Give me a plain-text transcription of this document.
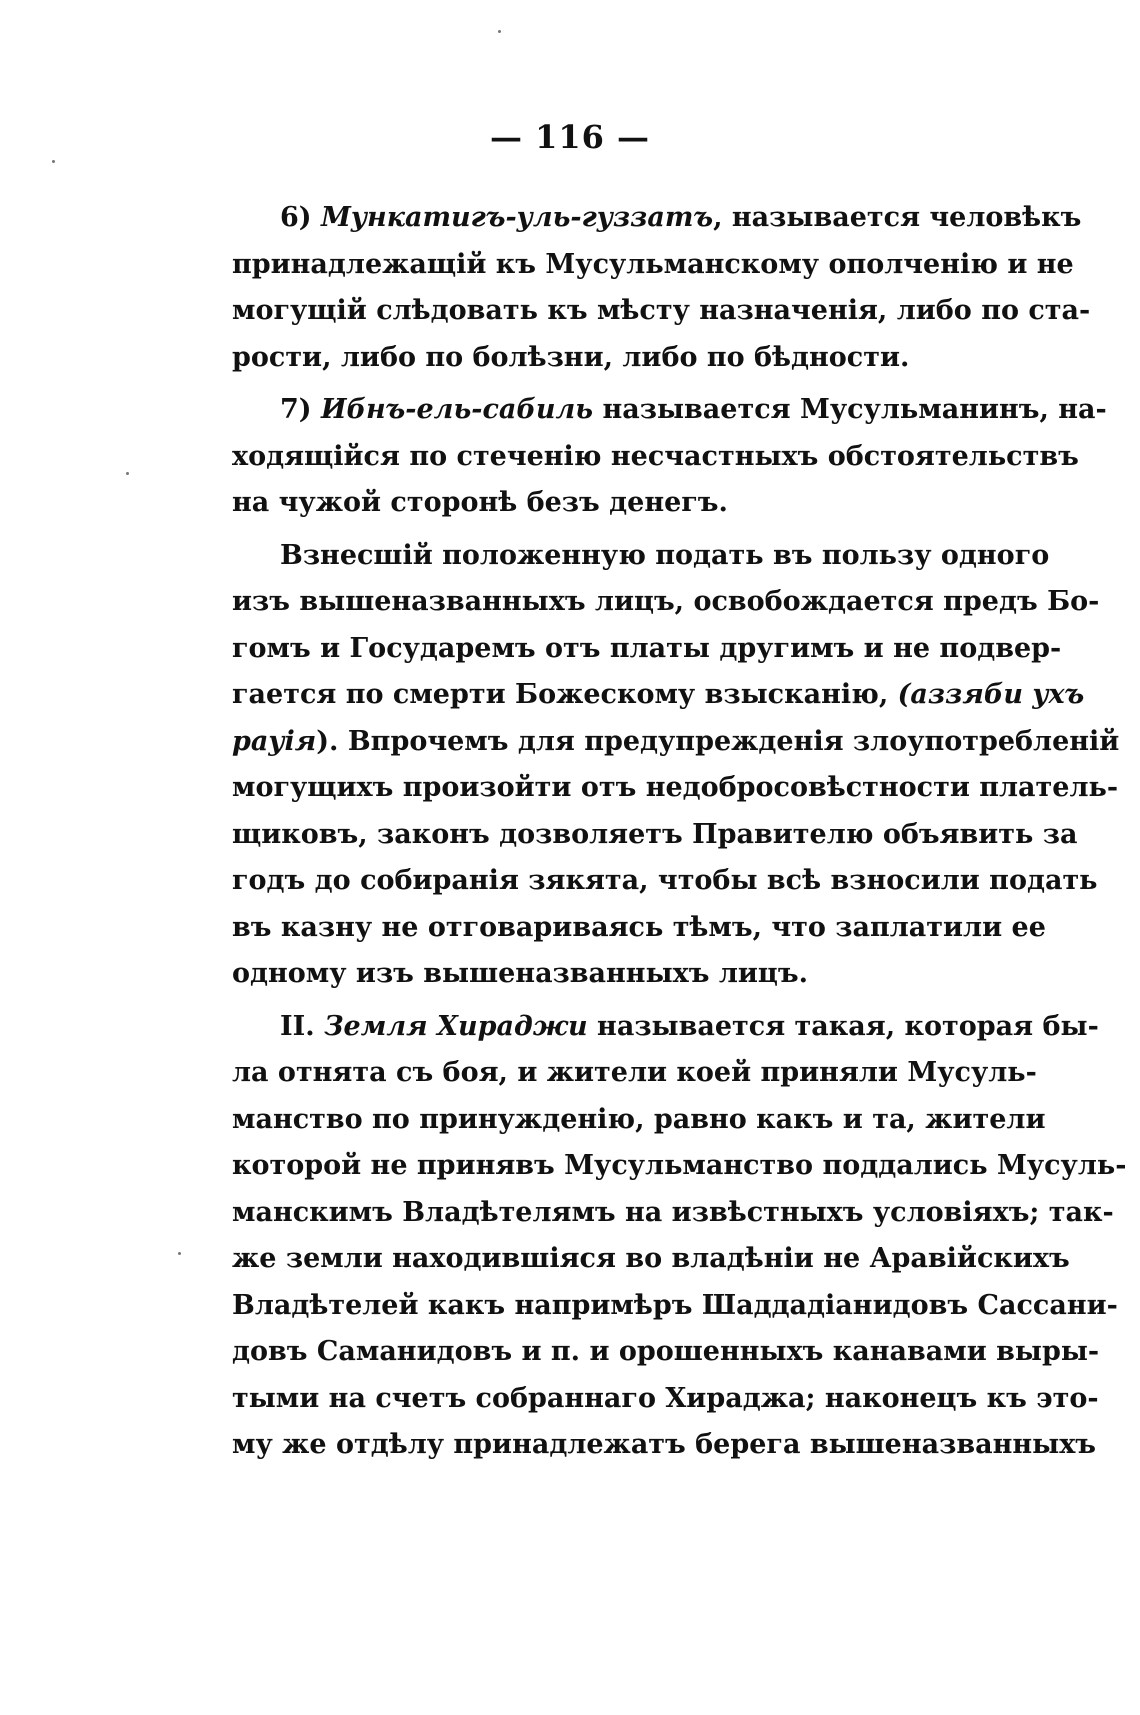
— 116 —
6) Мункатигъ-уль-гуззатъ, называется человѣкъ
принадлежащій къ Мусульманскому ополченію и не
могущій слѣдовать къ мѣсту назначенія, либо по ста-
рости, либо по болѣзни, либо по бѣдности.
7) Ибнъ-ель-сабиль называется Мусульманинъ, на-
ходящійся по стеченію несчастныхъ обстоятельствъ
на чужой сторонѣ безъ денегъ.
Взнесшій положенную подать въ пользу одного
изъ вышеназванныхъ лицъ, освобождается предъ Бо-
гомъ и Государемъ отъ платы другимъ и не подвер-
гается по смерти Божескому взысканію, (аззяби ухъ
рауія). Впрочемъ для предупрежденія злоупотребленій
могущихъ произойти отъ недобросовѣстности платель-
щиковъ, законъ дозволяетъ Правителю объявить за
годъ до собиранія зякята, чтобы всѣ взносили подать
въ казну не отговариваясь тѣмъ, что заплатили ее
одному изъ вышеназванныхъ лицъ.
II. Земля Хираджи называется такая, которая бы-
ла отнята съ боя, и жители коей приняли Мусуль-
манство по принужденію, равно какъ и та, жители
которой не принявъ Мусульманство поддались Мусуль-
манскимъ Владѣтелямъ на извѣстныхъ условіяхъ; так-
же земли находившіяся во владѣніи не Аравійскихъ
Владѣтелей какъ напримѣръ Шаддадіанидовъ Сассани-
довъ Саманидовъ и п. и орошенныхъ канавами выры-
тыми на счетъ собраннаго Хираджа; наконецъ къ это-
му же отдѣлу принадлежатъ берега вышеназванныхъ
